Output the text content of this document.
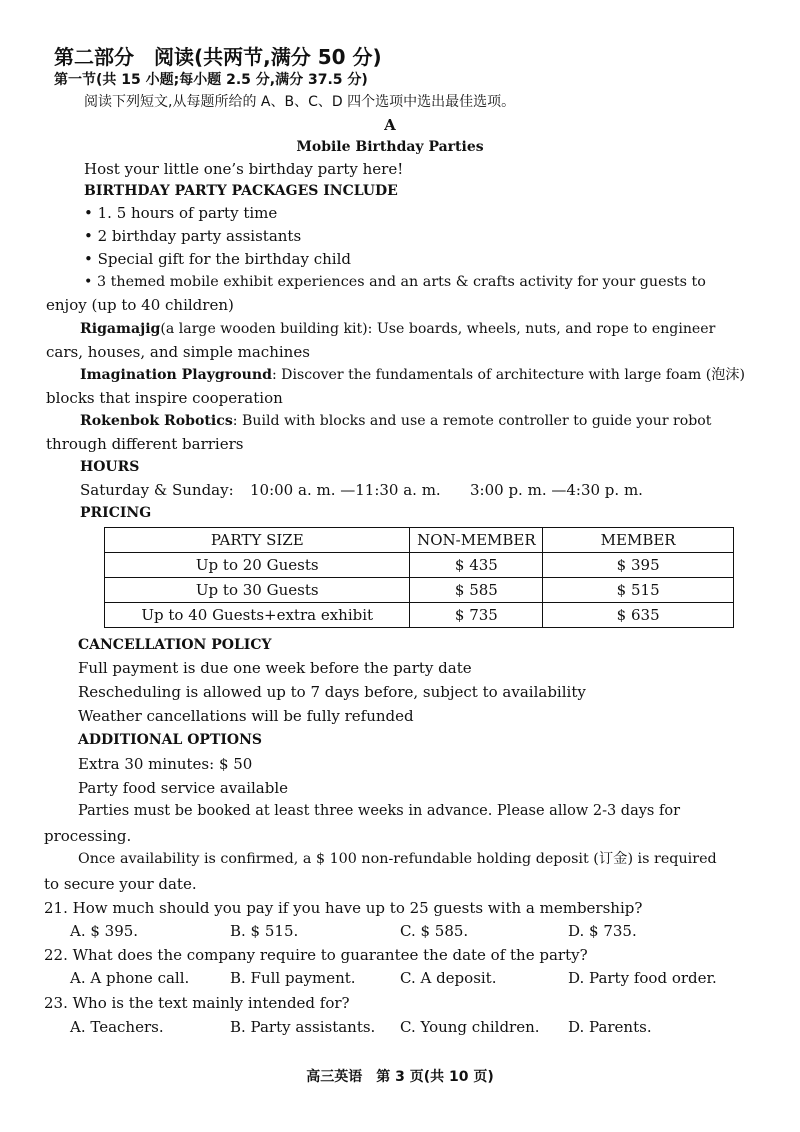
第二部分　阅读(共两节,满分 50 分)
第一节(共 15 小题;每小题 2.5 分,满分 37.5 分)
阅读下列短文,从每题所给的 A、B、C、D 四个选项中选出最佳选项。
A
Mobile Birthday Parties
Host your little one’s birthday party here!
BIRTHDAY PARTY PACKAGES INCLUDE
• 1. 5 hours of party time
• 2 birthday party assistants
• Special gift for the birthday child
• 3 themed mobile exhibit experiences and an arts & crafts activity for your guests to
enjoy (up to 40 children)
Rigamajig(a large wooden building kit): Use boards, wheels, nuts, and rope to engineer
cars, houses, and simple machines
Imagination Playground: Discover the fundamentals of architecture with large foam (泡沫)
blocks that inspire cooperation
Rokenbok Robotics: Build with blocks and use a remote controller to guide your robot
through different barriers
HOURS
Saturday & Sunday: 10:00 a. m. —11:30 a. m. 3:00 p. m. —4:30 p. m.
PRICING
PARTY SIZE	NON-MEMBER	MEMBER
Up to 20 Guests	$ 435	$ 395
Up to 30 Guests	$ 585	$ 515
Up to 40 Guests+extra exhibit	$ 735	$ 635
CANCELLATION POLICY
Full payment is due one week before the party date
Rescheduling is allowed up to 7 days before, subject to availability
Weather cancellations will be fully refunded
ADDITIONAL OPTIONS
Extra 30 minutes: $ 50
Party food service available
Parties must be booked at least three weeks in advance. Please allow 2-3 days for
processing.
Once availability is confirmed, a $ 100 non-refundable holding deposit (订金) is required
to secure your date.
21. How much should you pay if you have up to 25 guests with a membership?
A. $ 395.	B. $ 515.	C. $ 585.	D. $ 735.
22. What does the company require to guarantee the date of the party?
A. A phone call.	B. Full payment.	C. A deposit.	D. Party food order.
23. Who is the text mainly intended for?
A. Teachers.	B. Party assistants. C. Young children. D. Parents.
高三英语　第 3 页(共 10 页)
